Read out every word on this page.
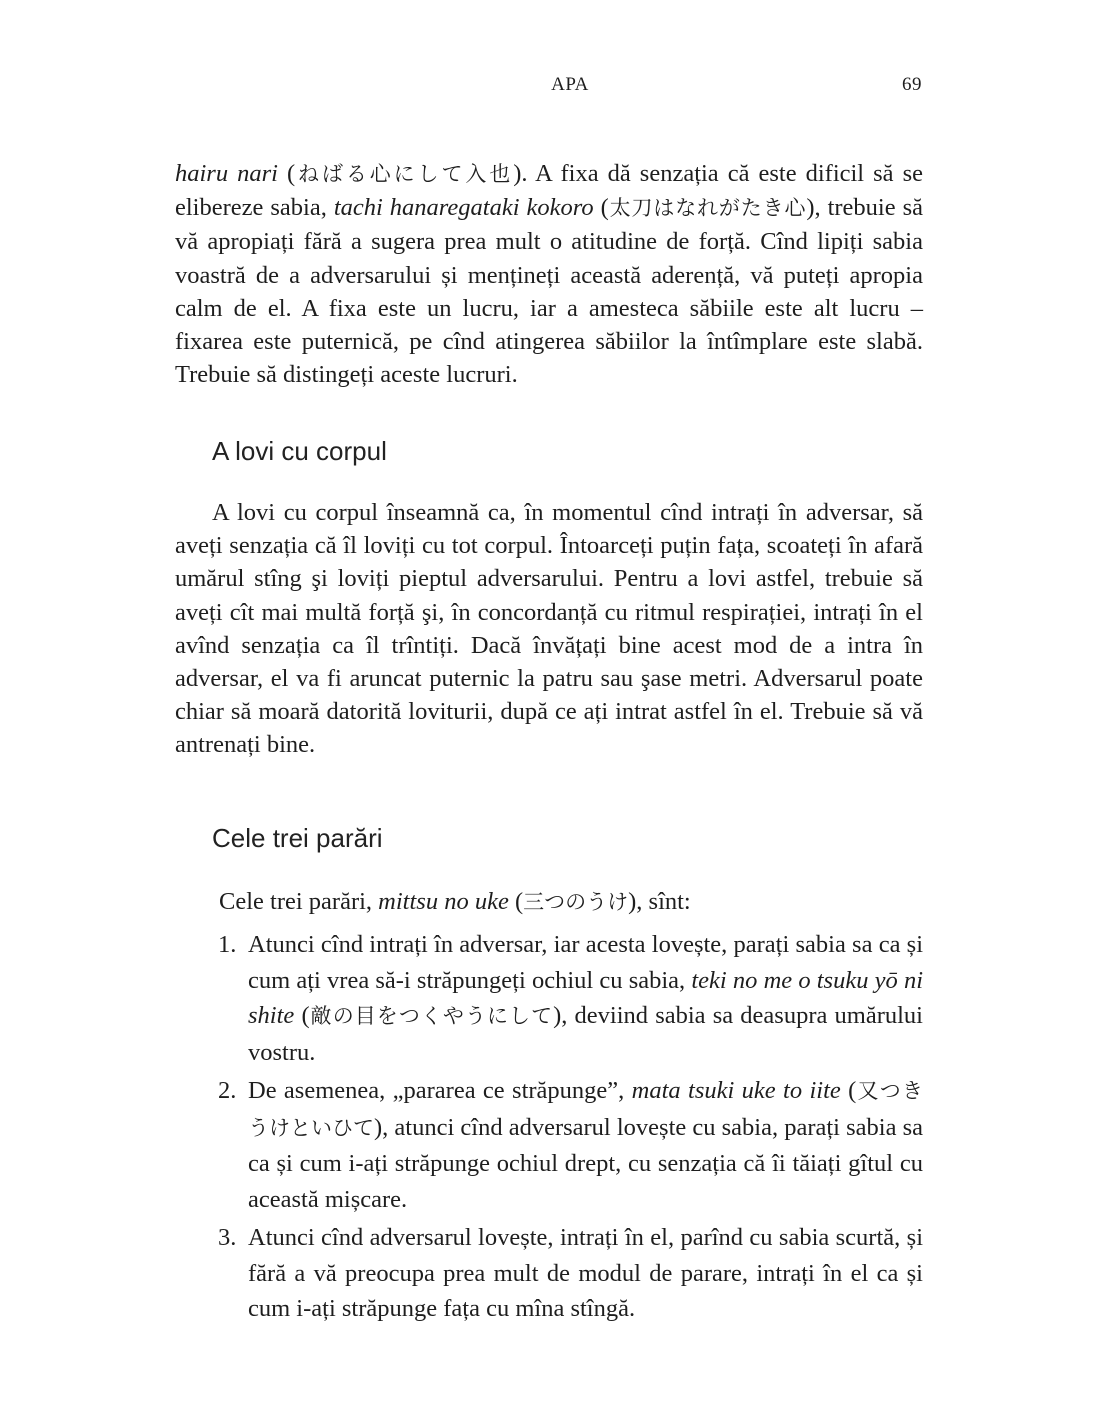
APA	69

hairu nari (ねばる心にして入也). A fixa dă senzația că este dificil să se elibereze sabia, tachi hanaregataki kokoro (太刀はなれがたき心), trebuie să vă apropiați fără a sugera prea mult o atitudine de forță. Cînd lipiți sabia voastră de a adversarului și mențineți această aderență, vă puteți apropia calm de el. A fixa este un lucru, iar a amesteca săbiile este alt lucru – fixarea este puternică, pe cînd atingerea săbiilor la întîmplare este slabă. Trebuie să distingeți aceste lucruri.

A lovi cu corpul

A lovi cu corpul înseamnă ca, în momentul cînd intrați în adversar, să aveți senzația că îl loviți cu tot corpul. Întoarceți puțin fața, scoateți în afară umărul stîng şi loviți pieptul adversarului. Pentru a lovi astfel, trebuie să aveți cît mai multă forță şi, în concordanță cu ritmul respirației, intrați în el avînd senzația ca îl trîntiți. Dacă învățați bine acest mod de a intra în adversar, el va fi aruncat puternic la patru sau şase metri. Adversarul poate chiar să moară datorită loviturii, după ce ați intrat astfel în el. Trebuie să vă antrenați bine.

Cele trei parări

Cele trei parări, mittsu no uke (三つのうけ), sînt:

1. Atunci cînd intrați în adversar, iar acesta lovește, parați sabia sa ca și cum ați vrea să-i străpungeți ochiul cu sabia, teki no me o tsuku yō ni shite (敵の目をつくやうにして), deviind sabia sa deasupra umărului vostru.
2. De asemenea, „pararea ce străpunge”, mata tsuki uke to iite (又つきうけといひて), atunci cînd adversarul lovește cu sabia, parați sabia sa ca și cum i-ați străpunge ochiul drept, cu senzația că îi tăiați gîtul cu această mișcare.
3. Atunci cînd adversarul lovește, intrați în el, parînd cu sabia scurtă, și fără a vă preocupa prea mult de modul de parare, intrați în el ca și cum i-ați străpunge fața cu mîna stîngă.
